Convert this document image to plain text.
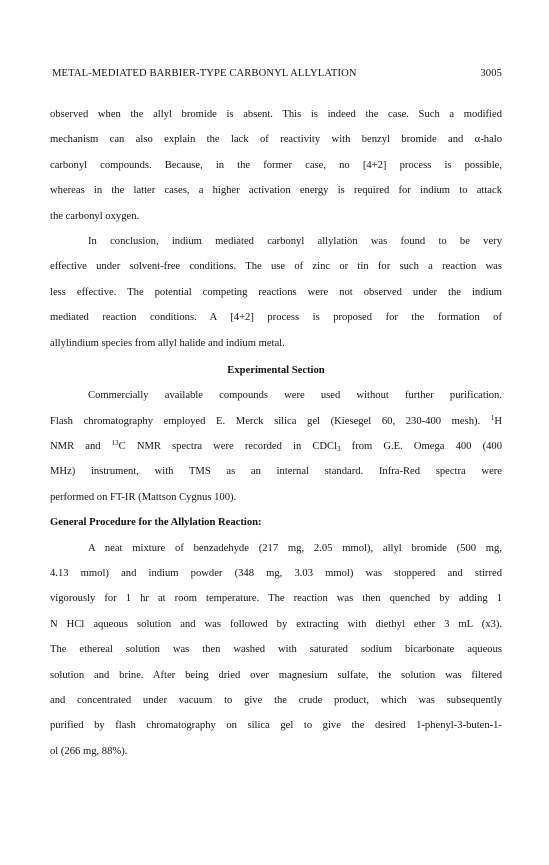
METAL-MEDIATED BARBIER-TYPE CARBONYL ALLYLATION	3005
observed when the allyl bromide is absent. This is indeed the case. Such a modified
mechanism can also explain the lack of reactivity with benzyl bromide and α-halo
carbonyl compounds. Because, in the former case, no [4+2] process is possible,
whereas in the latter cases, a higher activation energy is required for indium to attack
the carbonyl oxygen.
In conclusion, indium mediated carbonyl allylation was found to be very
effective under solvent-free conditions. The use of zinc or tin for such a reaction was
less effective. The potential competing reactions were not observed under the indium
mediated reaction conditions. A [4+2] process is proposed for the formation of
allylindium species from allyl halide and indium metal.
Experimental Section
Commercially available compounds were used without further purification.
Flash chromatography employed E. Merck silica gel (Kiesegel 60, 230-400 mesh). $^1$H
NMR and $^{13}$C NMR spectra were recorded in CDCl$_3$ from G.E. Omega 400 (400
MHz) instrument, with TMS as an internal standard. Infra-Red spectra were
performed on FT-IR (Mattson Cygnus 100).
General Procedure for the Allylation Reaction:
A neat mixture of benzadehyde (217 mg, 2.05 mmol), allyl bromide (500 mg,
4.13 mmol) and indium powder (348 mg, 3.03 mmol) was stoppered and stirred
vigorously for 1 hr at room temperature. The reaction was then quenched by adding 1
N HCl aqueous solution and was followed by extracting with diethyl ether 3 mL (x3).
The ethereal solution was then washed with saturated sodium bicarbonate aqueous
solution and brine. After being dried over magnesium sulfate, the solution was filtered
and concentrated under vacuum to give the crude product, which was subsequently
purified by flash chromatography on silica gel to give the desired 1-phenyl-3-buten-1-
ol (266 mg, 88%).
